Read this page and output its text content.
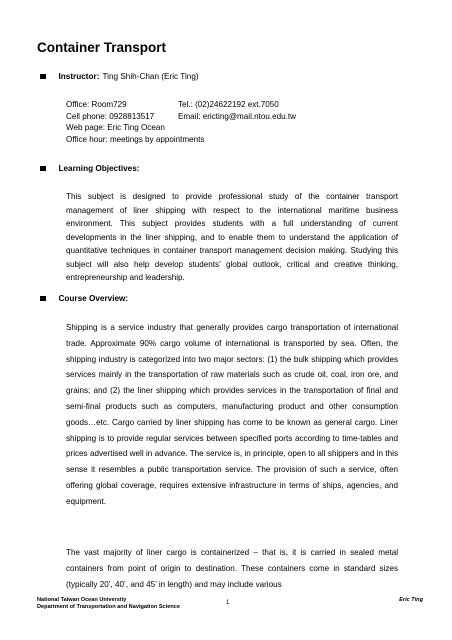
Container Transport
Instructor: Ting Shih-Chan (Eric Ting)
Office: Room729	Tel.: (02)24622192 ext.7050
Cell phone: 0928813517	Email: ericting@mail.ntou.edu.tw
Web page: Eric Ting Ocean
Office hour: meetings by appointments
Learning Objectives:
This subject is designed to provide professional study of the container transport management of liner shipping with respect to the international maritime business environment. This subject provides students with a full understanding of current developments in the liner shipping, and to enable them to understand the application of quantitative techniques in container transport management decision making. Studying this subject will also help develop students’ global outlook, critical and creative thinking, entrepreneurship and leadership.
Course Overview:
Shipping is a service industry that generally provides cargo transportation of international trade. Approximate 90% cargo volume of international is transported by sea. Often, the shipping industry is categorized into two major sectors: (1) the bulk shipping which provides services mainly in the transportation of raw materials such as crude oil, coal, iron ore, and grains; and (2) the liner shipping which provides services in the transportation of final and semi-final products such as computers, manufacturing product and other consumption goods…etc. Cargo carried by liner shipping has come to be known as general cargo. Liner shipping is to provide regular services between specified ports according to time-tables and prices advertised well in advance. The service is, in principle, open to all shippers and in this sense it resembles a public transportation service. The provision of such a service, often offering global coverage, requires extensive infrastructure in terms of ships, agencies, and equipment.
The vast majority of liner cargo is containerized – that is, it is carried in sealed metal containers from point of origin to destination. These containers come in standard sizes (typically 20’, 40’, and 45’ in length) and may include various
National Taiwan Ocean University
Department of Transportation and Navigation Science
1	Eric Ting
